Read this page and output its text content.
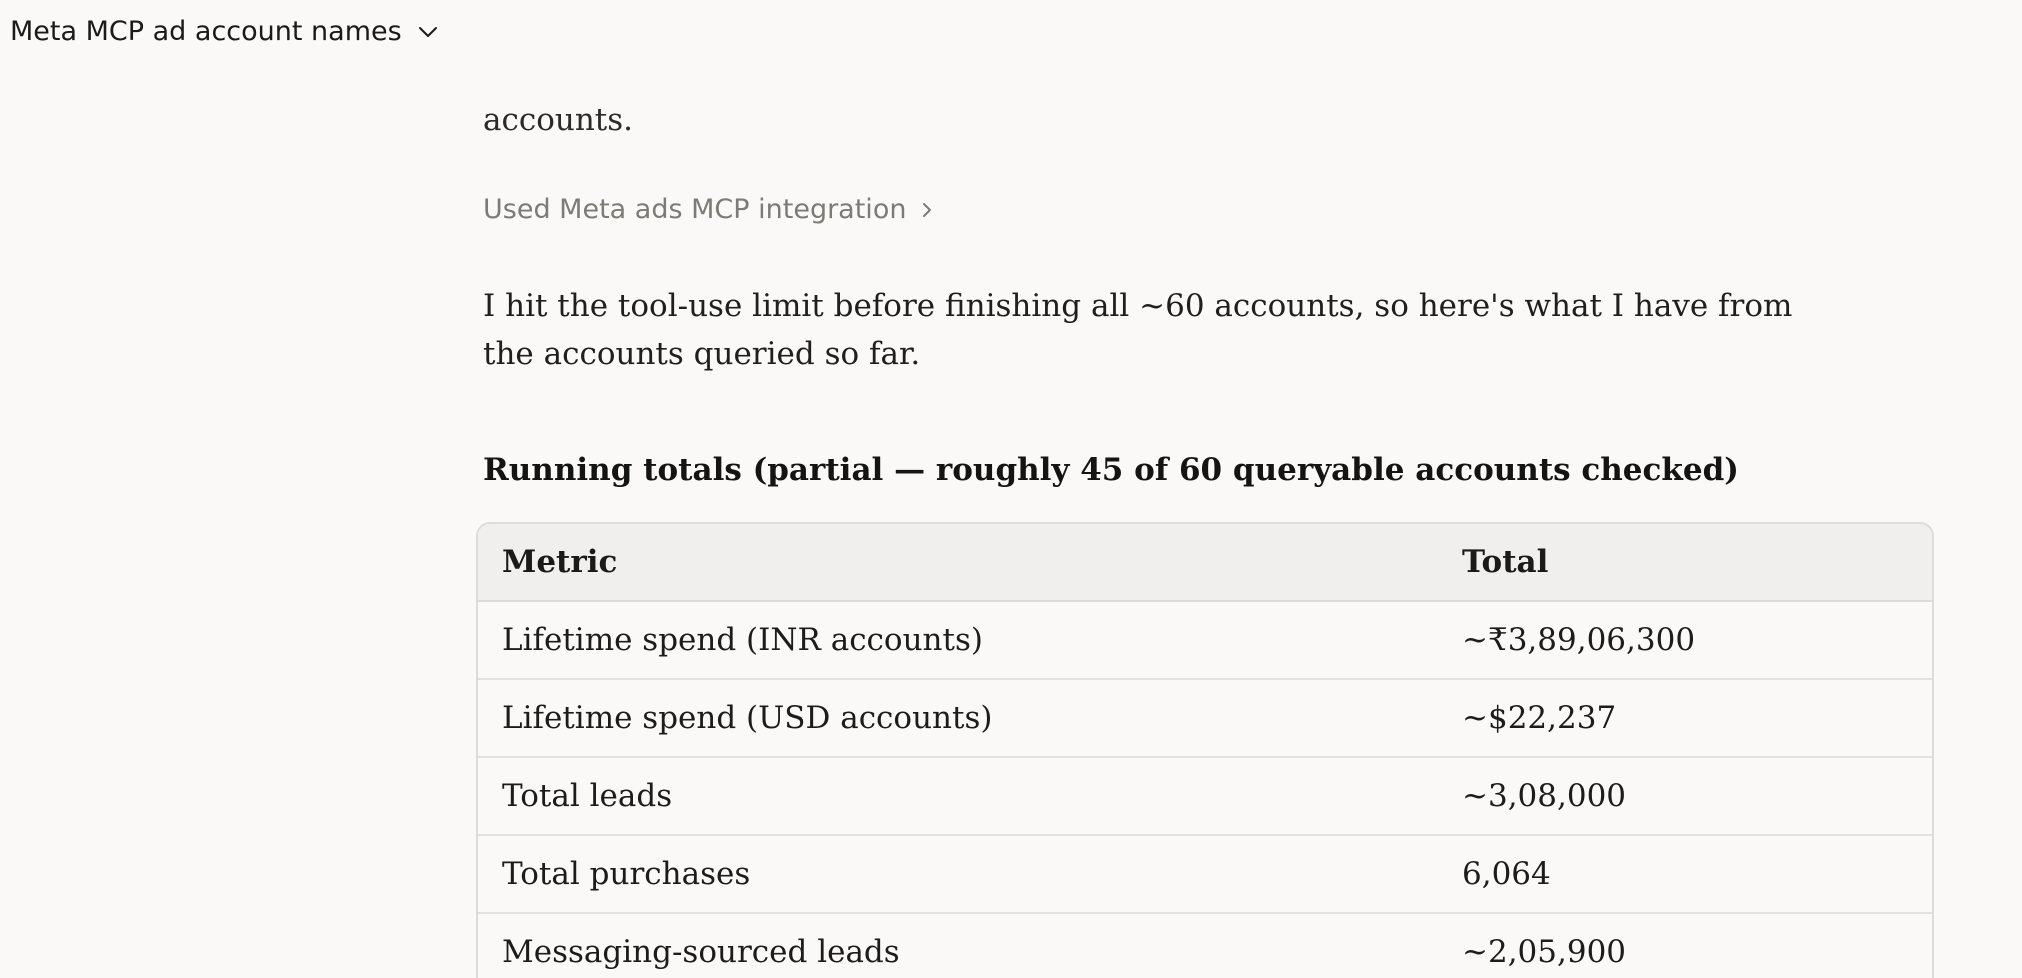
Meta MCP ad account names
accounts.
Used Meta ads MCP integration
I hit the tool-use limit before finishing all ~60 accounts, so here's what I have from the accounts queried so far.
Running totals (partial — roughly 45 of 60 queryable accounts checked)
Metric	Total
Lifetime spend (INR accounts)	~₹3,89,06,300
Lifetime spend (USD accounts)	~$22,237
Total leads	~3,08,000
Total purchases	6,064
Messaging-sourced leads	~2,05,900
